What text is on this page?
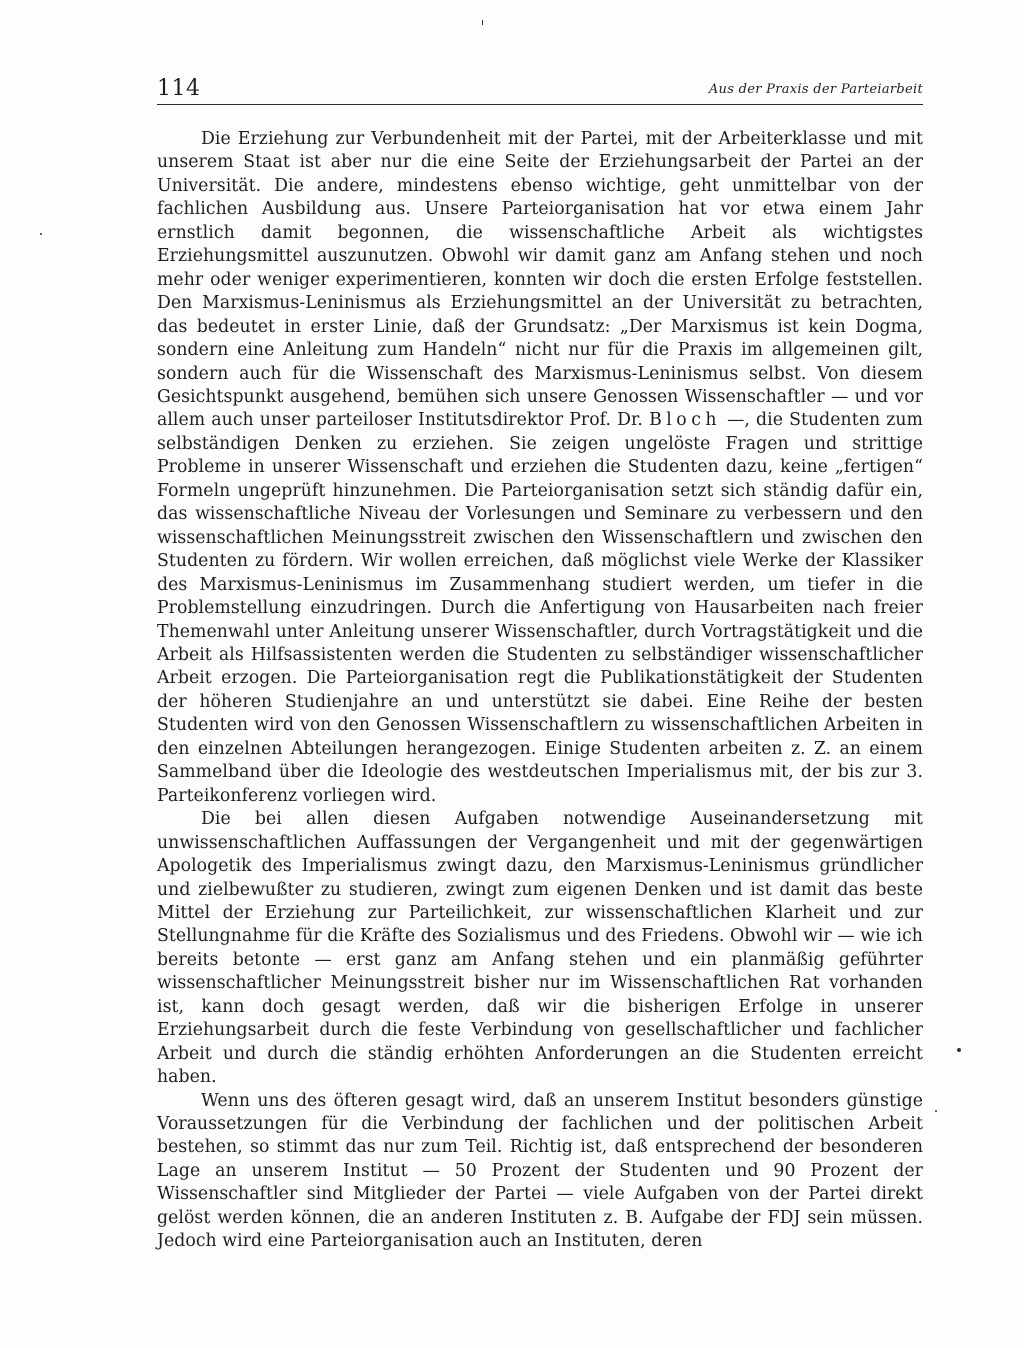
114	Aus der Praxis der Parteiarbeit

Die Erziehung zur Verbundenheit mit der Partei, mit der Arbeiterklasse und mit unserem Staat ist aber nur die eine Seite der Erziehungsarbeit der Partei an der Universität. Die andere, mindestens ebenso wichtige, geht unmittelbar von der fachlichen Ausbildung aus. Unsere Parteiorganisation hat vor etwa einem Jahr ernstlich damit begonnen, die wissenschaftliche Arbeit als wichtigstes Erziehungsmittel auszunutzen. Obwohl wir damit ganz am Anfang stehen und noch mehr oder weniger experimentieren, konnten wir doch die ersten Erfolge feststellen. Den Marxismus-Leninismus als Erziehungsmittel an der Universität zu betrachten, das bedeutet in erster Linie, daß der Grundsatz: „Der Marxismus ist kein Dogma, sondern eine Anleitung zum Handeln“ nicht nur für die Praxis im allgemeinen gilt, sondern auch für die Wissenschaft des Marxismus-Leninismus selbst. Von diesem Gesichtspunkt ausgehend, bemühen sich unsere Genossen Wissenschaftler — und vor allem auch unser parteiloser Institutsdirektor Prof. Dr. Bloch —, die Studenten zum selbständigen Denken zu erziehen. Sie zeigen ungelöste Fragen und strittige Probleme in unserer Wissenschaft und erziehen die Studenten dazu, keine „fertigen“ Formeln ungeprüft hinzunehmen. Die Parteiorganisation setzt sich ständig dafür ein, das wissenschaftliche Niveau der Vorlesungen und Seminare zu verbessern und den wissenschaftlichen Meinungsstreit zwischen den Wissenschaftlern und zwischen den Studenten zu fördern. Wir wollen erreichen, daß möglichst viele Werke der Klassiker des Marxismus-Leninismus im Zusammenhang studiert werden, um tiefer in die Problemstellung einzudringen. Durch die Anfertigung von Hausarbeiten nach freier Themenwahl unter Anleitung unserer Wissenschaftler, durch Vortragstätigkeit und die Arbeit als Hilfsassistenten werden die Studenten zu selbständiger wissenschaftlicher Arbeit erzogen. Die Parteiorganisation regt die Publikationstätigkeit der Studenten der höheren Studienjahre an und unterstützt sie dabei. Eine Reihe der besten Studenten wird von den Genossen Wissenschaftlern zu wissenschaftlichen Arbeiten in den einzelnen Abteilungen herangezogen. Einige Studenten arbeiten z. Z. an einem Sammelband über die Ideologie des westdeutschen Imperialismus mit, der bis zur 3. Parteikonferenz vorliegen wird.

Die bei allen diesen Aufgaben notwendige Auseinandersetzung mit unwissenschaftlichen Auffassungen der Vergangenheit und mit der gegenwärtigen Apologetik des Imperialismus zwingt dazu, den Marxismus-Leninismus gründlicher und zielbewußter zu studieren, zwingt zum eigenen Denken und ist damit das beste Mittel der Erziehung zur Parteilichkeit, zur wissenschaftlichen Klarheit und zur Stellungnahme für die Kräfte des Sozialismus und des Friedens. Obwohl wir — wie ich bereits betonte — erst ganz am Anfang stehen und ein planmäßig geführter wissenschaftlicher Meinungsstreit bisher nur im Wissenschaftlichen Rat vorhanden ist, kann doch gesagt werden, daß wir die bisherigen Erfolge in unserer Erziehungsarbeit durch die feste Verbindung von gesellschaftlicher und fachlicher Arbeit und durch die ständig erhöhten Anforderungen an die Studenten erreicht haben.

Wenn uns des öfteren gesagt wird, daß an unserem Institut besonders günstige Voraussetzungen für die Verbindung der fachlichen und der politischen Arbeit bestehen, so stimmt das nur zum Teil. Richtig ist, daß entsprechend der besonderen Lage an unserem Institut — 50 Prozent der Studenten und 90 Prozent der Wissenschaftler sind Mitglieder der Partei — viele Aufgaben von der Partei direkt gelöst werden können, die an anderen Instituten z. B. Aufgabe der FDJ sein müssen. Jedoch wird eine Parteiorganisation auch an Instituten, deren
